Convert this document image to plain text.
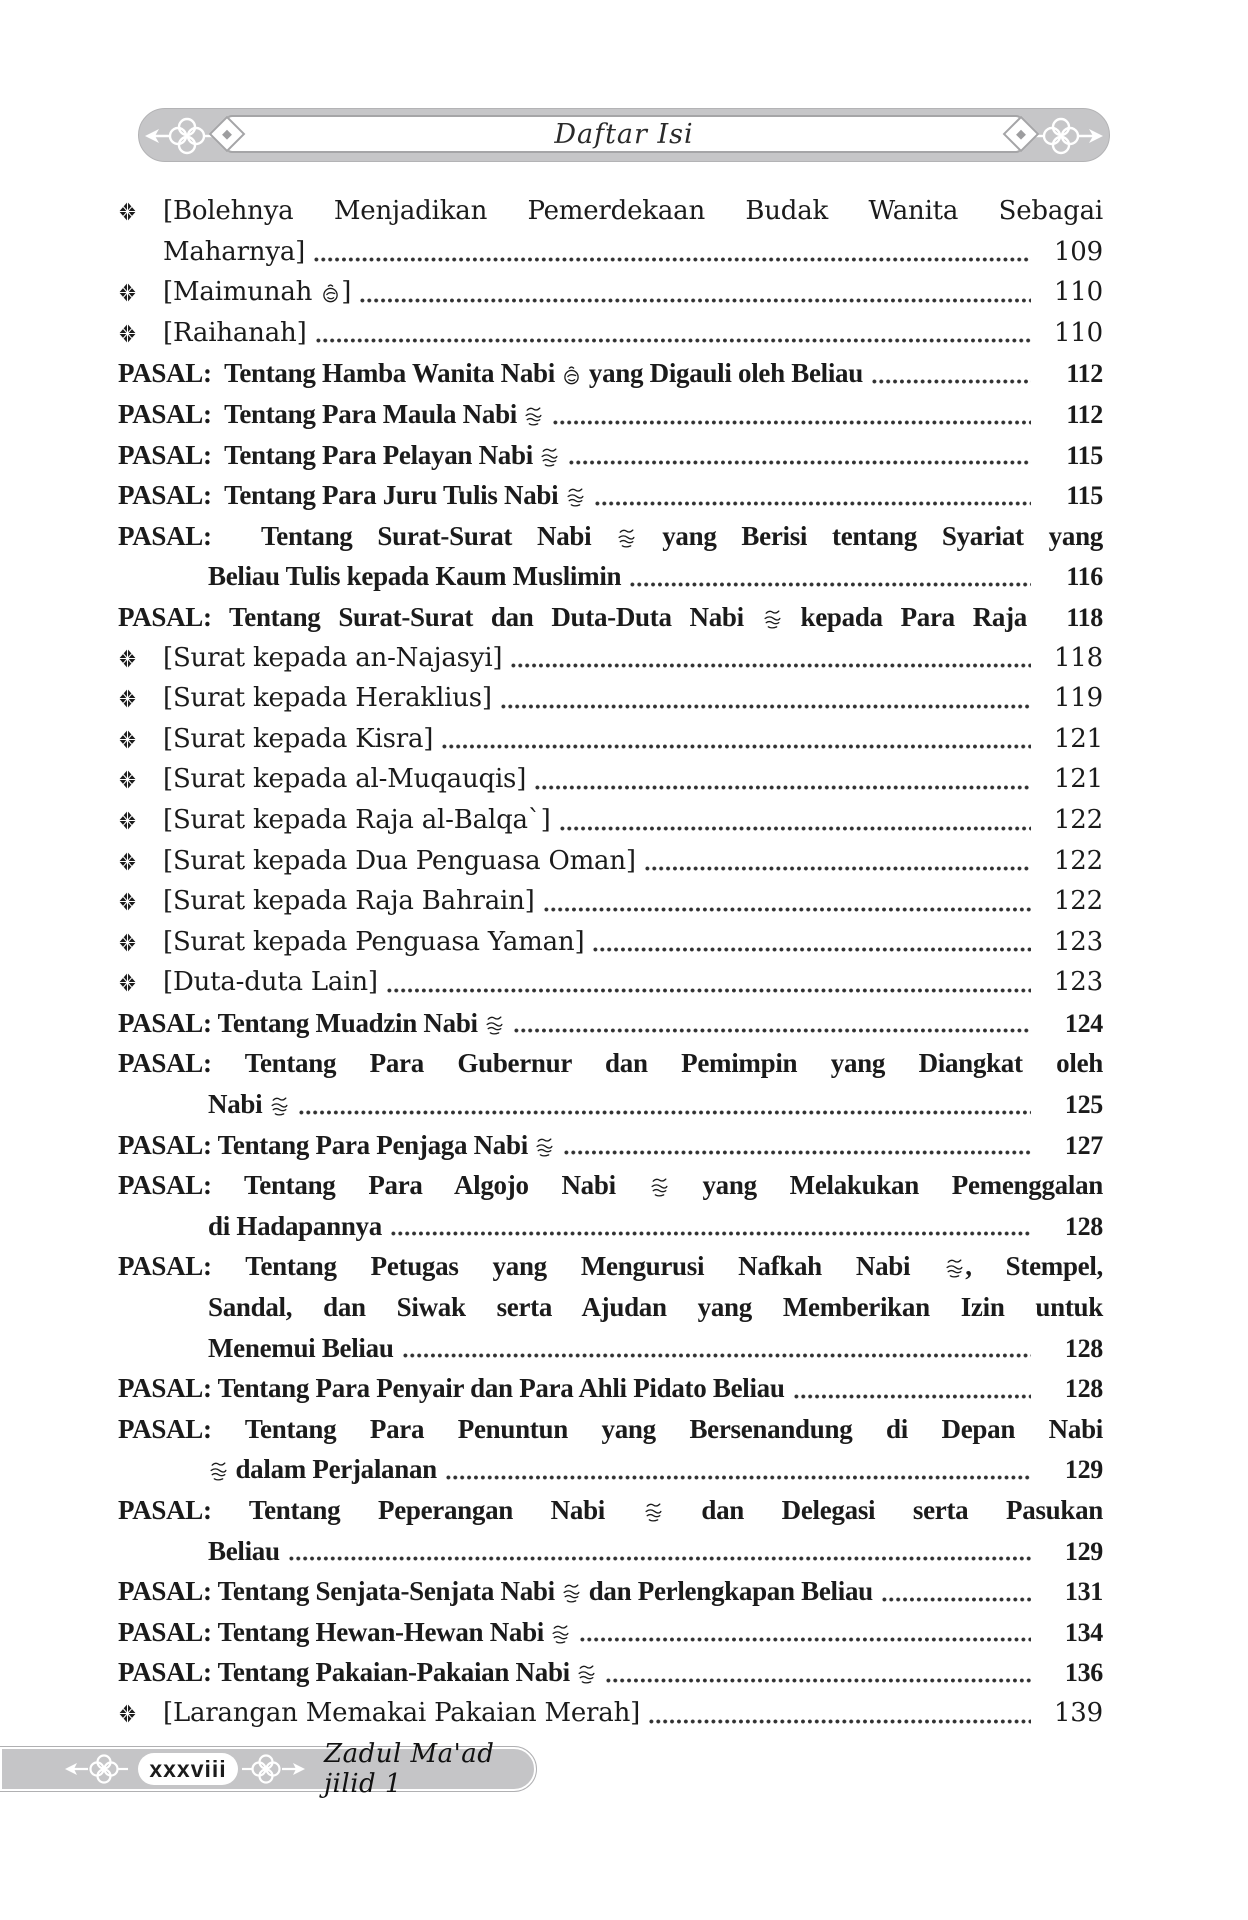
Daftar Isi
[Bolehnya Menjadikan Pemerdekaan Budak Wanita Sebagai
Maharnya]	109
[Maimunah ]	110
[Raihanah]	110
PASAL:  Tentang Hamba Wanita Nabi  yang Digauli oleh Beliau	112
PASAL:  Tentang Para Maula Nabi	112
PASAL:  Tentang Para Pelayan Nabi	115
PASAL:  Tentang Para Juru Tulis Nabi	115
PASAL:  Tentang Surat-Surat Nabi  yang Berisi tentang Syariat yang
Beliau Tulis kepada Kaum Muslimin	116
PASAL: Tentang Surat-Surat dan Duta-Duta Nabi  kepada Para Raja	118
[Surat kepada an-Najasyi]	118
[Surat kepada Heraklius]	119
[Surat kepada Kisra]	121
[Surat kepada al-Muqauqis]	121
[Surat kepada Raja al-Balqa`]	122
[Surat kepada Dua Penguasa Oman]	122
[Surat kepada Raja Bahrain]	122
[Surat kepada Penguasa Yaman]	123
[Duta-duta Lain]	123
PASAL: Tentang Muadzin Nabi	124
PASAL: Tentang Para Gubernur dan Pemimpin yang Diangkat oleh
Nabi	125
PASAL: Tentang Para Penjaga Nabi	127
PASAL: Tentang Para Algojo Nabi  yang Melakukan Pemenggalan
di Hadapannya	128
PASAL: Tentang Petugas yang Mengurusi Nafkah Nabi , Stempel,
Sandal, dan Siwak serta Ajudan yang Memberikan Izin untuk
Menemui Beliau	128
PASAL: Tentang Para Penyair dan Para Ahli Pidato Beliau	128
PASAL: Tentang Para Penuntun yang Bersenandung di Depan Nabi
dalam Perjalanan	129
PASAL: Tentang Peperangan Nabi  dan Delegasi serta Pasukan
Beliau	129
PASAL: Tentang Senjata-Senjata Nabi  dan Perlengkapan Beliau	131
PASAL: Tentang Hewan-Hewan Nabi	134
PASAL: Tentang Pakaian-Pakaian Nabi	136
[Larangan Memakai Pakaian Merah]	139
xxxviii	Zadul Ma'ad jilid 1
